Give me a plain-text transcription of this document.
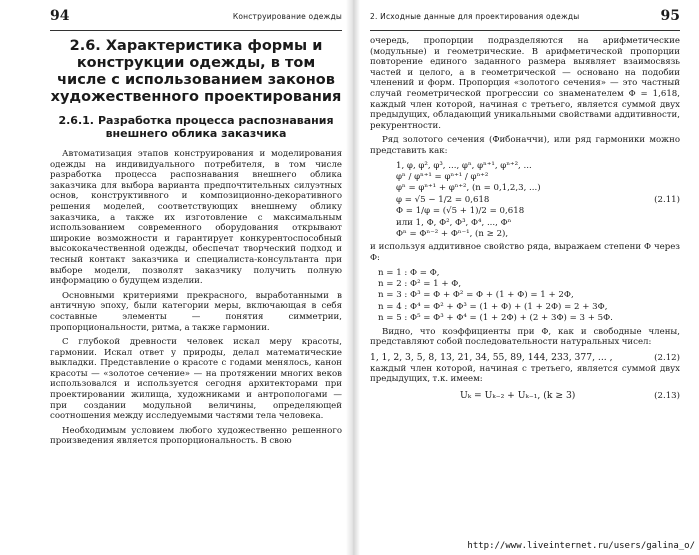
94	Конструирование одежды
2.6. Характеристика формы и конструкции одежды, в том числе с использованием законов художественного проектирования
2.6.1. Разработка процесса распознавания внешнего облика заказчика

Автоматизация этапов конструирования и моделирования одежды на индивидуального потребителя, в том числе разработка процесса распознавания внешнего облика заказчика для выбора варианта предпочтительных силуэтных основ, конструктивного и композиционно-декоративного решения моделей, соответствующих внешнему облику заказчика, а также их изготовление с максимальным использованием современного оборудования открывают широкие возможности и гарантирует конкурентоспособный высококачественной одежды, обеспечат творческий подход и тесный контакт заказчика и специалиста-консультанта при выборе модели, позволят заказчику получить полную информацию о будущем изделии.

Основными критериями прекрасного, выработанными в античную эпоху, были категории меры, включающая в себя составные элементы — понятия симметрии, пропорциональности, ритма, а также гармонии.

С глубокой древности человек искал меру красоты, гармонии. Искал ответ у природы, делал математические выкладки. Представление о красоте с годами менялось, канон красоты — «золотое сечение» — на протяжении многих веков использовался и используется сегодня архитекторами при проектировании жилища, художниками и антропологами — при создании модульной величины, определяющей соотношения между исследуемыми частями тела человека.

Необходимым условием любого художественно решенного произведения является пропорциональность. В свою

2. Исходные данные для проектирования одежды	95

очередь, пропорции подразделяются на арифметические (модульные) и геометрические. В арифметической пропорции повторение единого заданного размера выявляет взаимосвязь частей и целого, а в геометрической — основано на подобии членений и форм. Пропорция «золотого сечения» — это частный случай геометрической прогрессии со знаменателем Φ = 1,618, каждый член которой, начиная с третьего, является суммой двух предыдущих, обладающий уникальными свойствами аддитивности, рекурентности.

Ряд золотого сечения (Фибоначчи), или ряд гармоники можно представить как:

1, φ, φ², φ³, ..., φⁿ, φⁿ⁺¹, φⁿ⁺², ...
φⁿ / φⁿ⁺¹ = φⁿ⁺¹ / φⁿ⁺²
φⁿ = φⁿ⁺¹ + φⁿ⁺², (n = 0,1,2,3, ...)
φ = √5 − 1/2 = 0,618	(2.11)
Φ = 1/φ = (√5 + 1)/2 = 0,618
или 1, Φ, Φ², Φ³, Φ⁴, ..., Φⁿ
Φⁿ = Φⁿ⁻² + Φⁿ⁻¹, (n ≥ 2),

и используя аддитивное свойство ряда, выражаем степени Φ через Φ:

n = 1 : Φ = Φ,
n = 2 : Φ² = 1 + Φ,
n = 3 : Φ³ = Φ + Φ² = Φ + (1 + Φ) = 1 + 2Φ,
n = 4 : Φ⁴ = Φ² + Φ³ = (1 + Φ) + (1 + 2Φ) = 2 + 3Φ,
n = 5 : Φ⁵ = Φ³ + Φ⁴ = (1 + 2Φ) + (2 + 3Φ) = 3 + 5Φ.

Видно, что коэффициенты при Φ, как и свободные члены, представляют собой последовательности натуральных чисел:

1, 1, 2, 3, 5, 8, 13, 21, 34, 55, 89, 144, 233, 377, ... ,	(2.12)

каждый член которой, начиная с третьего, является суммой двух предыдущих, т.к. имеем:

Uₖ = Uₖ₋₂ + Uₖ₋₁, (k ≥ 3)	(2.13)
http://www.liveinternet.ru/users/galina_o/
